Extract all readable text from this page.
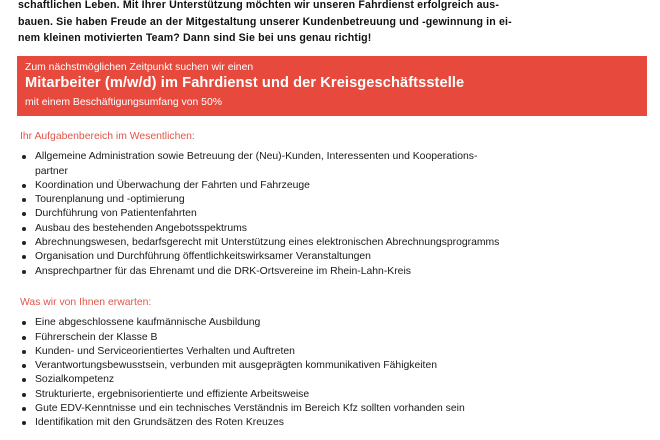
schaftlichen Leben. Mit Ihrer Unterstützung möchten wir unseren Fahrdienst erfolgreich aus-
bauen. Sie haben Freude an der Mitgestaltung unserer Kundenbetreuung und -gewinnung in ei-
nem kleinen motivierten Team? Dann sind Sie bei uns genau richtig!
Zum nächstmöglichen Zeitpunkt suchen wir einen
Mitarbeiter (m/w/d) im Fahrdienst und der Kreisgeschäftsstelle
mit einem Beschäftigungsumfang von 50%
Ihr Aufgabenbereich im Wesentlichen:
Allgemeine Administration sowie Betreuung der (Neu)-Kunden, Interessenten und Kooperations-
partner
Koordination und Überwachung der Fahrten und Fahrzeuge
Tourenplanung und -optimierung
Durchführung von Patientenfahrten
Ausbau des bestehenden Angebotsspektrums
Abrechnungswesen, bedarfsgerecht mit Unterstützung eines elektronischen Abrechnungsprogramms
Organisation und Durchführung öffentlichkeitswirksamer Veranstaltungen
Ansprechpartner für das Ehrenamt und die DRK-Ortsvereine im Rhein-Lahn-Kreis
Was wir von Ihnen erwarten:
Eine abgeschlossene kaufmännische Ausbildung
Führerschein der Klasse B
Kunden- und Serviceorientiertes Verhalten und Auftreten
Verantwortungsbewusstsein, verbunden mit ausgeprägten kommunikativen Fähigkeiten
Sozialkompetenz
Strukturierte, ergebnisorientierte und effiziente Arbeitsweise
Gute EDV-Kenntnisse und ein technisches Verständnis im Bereich Kfz sollten vorhanden sein
Identifikation mit den Grundsätzen des Roten Kreuzes
